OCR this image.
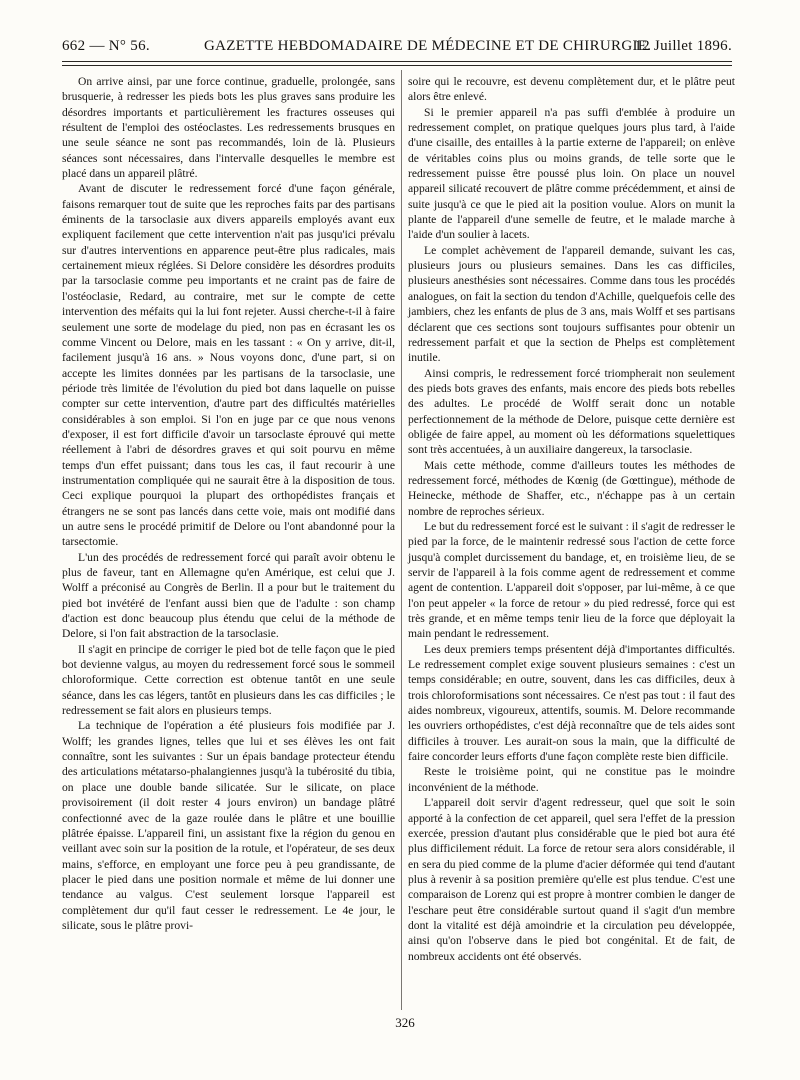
662 — N° 56.	GAZETTE HEBDOMADAIRE DE MÉDECINE ET DE CHIRURGIE.
12 Juillet 1896.

On arrive ainsi, par une force continue, graduelle, prolongée, sans brusquerie, à redresser les pieds bots les plus graves sans produire les désordres importants et particulièrement les fractures osseuses qui résultent de l'emploi des ostéoclastes. Les redressements brusques en une seule séance ne sont pas recommandés, loin de là. Plusieurs séances sont nécessaires, dans l'intervalle desquelles le membre est placé dans un appareil plâtré.

Avant de discuter le redressement forcé d'une façon générale, faisons remarquer tout de suite que les reproches faits par des partisans éminents de la tarsoclasie aux divers appareils employés avant eux expliquent facilement que cette intervention n'ait pas jusqu'ici prévalu sur d'autres interventions en apparence peut-être plus radicales, mais certainement mieux réglées. Si Delore considère les désordres produits par la tarsoclasie comme peu importants et ne craint pas de faire de l'ostéoclasie, Redard, au contraire, met sur le compte de cette intervention des méfaits qui la lui font rejeter. Aussi cherche-t-il à faire seulement une sorte de modelage du pied, non pas en écrasant les os comme Vincent ou Delore, mais en les tassant : « On y arrive, dit-il, facilement jusqu'à 16 ans. » Nous voyons donc, d'une part, si on accepte les limites données par les partisans de la tarsoclasie, une période très limitée de l'évolution du pied bot dans laquelle on puisse compter sur cette intervention, d'autre part des difficultés matérielles considérables à son emploi. Si l'on en juge par ce que nous venons d'exposer, il est fort difficile d'avoir un tarsoclaste éprouvé qui mette réellement à l'abri de désordres graves et qui soit pourvu en même temps d'un effet puissant; dans tous les cas, il faut recourir à une instrumentation compliquée qui ne saurait être à la disposition de tous. Ceci explique pourquoi la plupart des orthopédistes français et étrangers ne se sont pas lancés dans cette voie, mais ont modifié dans un autre sens le procédé primitif de Delore ou l'ont abandonné pour la tarsectomie.

L'un des procédés de redressement forcé qui paraît avoir obtenu le plus de faveur, tant en Allemagne qu'en Amérique, est celui que J. Wolff a préconisé au Congrès de Berlin. Il a pour but le traitement du pied bot invétéré de l'enfant aussi bien que de l'adulte : son champ d'action est donc beaucoup plus étendu que celui de la méthode de Delore, si l'on fait abstraction de la tarsoclasie.

Il s'agit en principe de corriger le pied bot de telle façon que le pied bot devienne valgus, au moyen du redressement forcé sous le sommeil chloroformique. Cette correction est obtenue tantôt en une seule séance, dans les cas légers, tantôt en plusieurs dans les cas difficiles ; le redressement se fait alors en plusieurs temps.

La technique de l'opération a été plusieurs fois modifiée par J. Wolff; les grandes lignes, telles que lui et ses élèves les ont fait connaître, sont les suivantes : Sur un épais bandage protecteur étendu des articulations métatarso-phalangiennes jusqu'à la tubérosité du tibia, on place une double bande silicatée. Sur le silicate, on place provisoirement (il doit rester 4 jours environ) un bandage plâtré confectionné avec de la gaze roulée dans le plâtre et une bouillie plâtrée épaisse. L'appareil fini, un assistant fixe la région du genou en veillant avec soin sur la position de la rotule, et l'opérateur, de ses deux mains, s'efforce, en employant une force peu à peu grandissante, de placer le pied dans une position normale et même de lui donner une tendance au valgus. C'est seulement lorsque l'appareil est complètement dur qu'il faut cesser le redressement. Le 4e jour, le silicate, sous le plâtre provi-

soire qui le recouvre, est devenu complètement dur, et le plâtre peut alors être enlevé.

Si le premier appareil n'a pas suffi d'emblée à produire un redressement complet, on pratique quelques jours plus tard, à l'aide d'une cisaille, des entailles à la partie externe de l'appareil; on enlève de véritables coins plus ou moins grands, de telle sorte que le redressement puisse être poussé plus loin. On place un nouvel appareil silicaté recouvert de plâtre comme précédemment, et ainsi de suite jusqu'à ce que le pied ait la position voulue. Alors on munit la plante de l'appareil d'une semelle de feutre, et le malade marche à l'aide d'un soulier à lacets.

Le complet achèvement de l'appareil demande, suivant les cas, plusieurs jours ou plusieurs semaines. Dans les cas difficiles, plusieurs anesthésies sont nécessaires. Comme dans tous les procédés analogues, on fait la section du tendon d'Achille, quelquefois celle des jambiers, chez les enfants de plus de 3 ans, mais Wolff et ses partisans déclarent que ces sections sont toujours suffisantes pour obtenir un redressement parfait et que la section de Phelps est complètement inutile.

Ainsi compris, le redressement forcé triompherait non seulement des pieds bots graves des enfants, mais encore des pieds bots rebelles des adultes. Le procédé de Wolff serait donc un notable perfectionnement de la méthode de Delore, puisque cette dernière est obligée de faire appel, au moment où les déformations squelettiques sont très accentuées, à un auxiliaire dangereux, la tarsoclasie.

Mais cette méthode, comme d'ailleurs toutes les méthodes de redressement forcé, méthodes de Kœnig (de Gœttingue), méthode de Heinecke, méthode de Shaffer, etc., n'échappe pas à un certain nombre de reproches sérieux.

Le but du redressement forcé est le suivant : il s'agit de redresser le pied par la force, de le maintenir redressé sous l'action de cette force jusqu'à complet durcissement du bandage, et, en troisième lieu, de se servir de l'appareil à la fois comme agent de redressement et comme agent de contention. L'appareil doit s'opposer, par lui-même, à ce que l'on peut appeler « la force de retour » du pied redressé, force qui est très grande, et en même temps tenir lieu de la force que déployait la main pendant le redressement.

Les deux premiers temps présentent déjà d'importantes difficultés. Le redressement complet exige souvent plusieurs semaines : c'est un temps considérable; en outre, souvent, dans les cas difficiles, deux à trois chloroformisations sont nécessaires. Ce n'est pas tout : il faut des aides nombreux, vigoureux, attentifs, soumis. M. Delore recommande les ouvriers orthopédistes, c'est déjà reconnaître que de tels aides sont difficiles à trouver. Les aurait-on sous la main, que la difficulté de faire concorder leurs efforts d'une façon complète reste bien difficile.

Reste le troisième point, qui ne constitue pas le moindre inconvénient de la méthode.

L'appareil doit servir d'agent redresseur, quel que soit le soin apporté à la confection de cet appareil, quel sera l'effet de la pression exercée, pression d'autant plus considérable que le pied bot aura été plus difficilement réduit. La force de retour sera alors considérable, il en sera du pied comme de la plume d'acier déformée qui tend d'autant plus à revenir à sa position première qu'elle est plus tendue. C'est une comparaison de Lorenz qui est propre à montrer combien le danger de l'eschare peut être considérable surtout quand il s'agit d'un membre dont la vitalité est déjà amoindrie et la circulation peu développée, ainsi qu'on l'observe dans le pied bot congénital. Et de fait, de nombreux accidents ont été observés.

326
